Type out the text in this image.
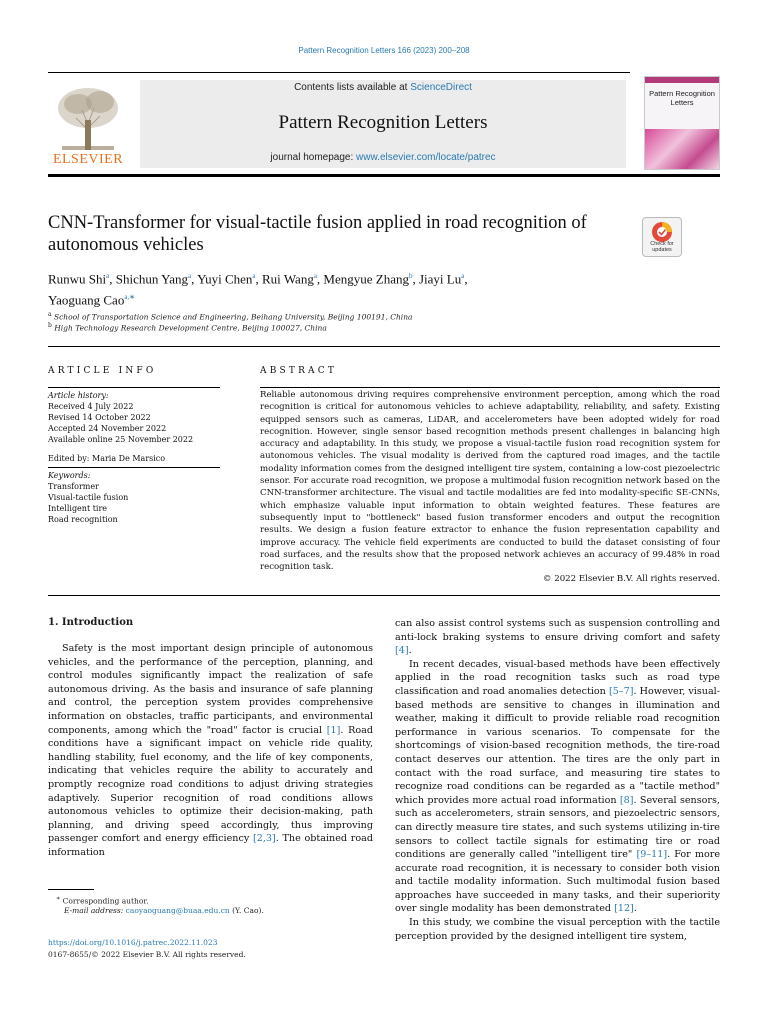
Pattern Recognition Letters 166 (2023) 200–208
ELSEVIER
Contents lists available at ScienceDirect
Pattern Recognition Letters
journal homepage: www.elsevier.com/locate/patrec
Pattern Recognition Letters
CNN-Transformer for visual-tactile fusion applied in road recognition of autonomous vehicles	Check for updates
Runwu Shi$^a$, Shichun Yang$^a$, Yuyi Chen$^a$, Rui Wang$^a$, Mengyue Zhang$^b$, Jiayi Lu$^a$,
Yaoguang Cao$^{a,∗}$
$^a$ School of Transportation Science and Engineering, Beihang University, Beijing 100191, China
$^b$ High Technology Research Development Centre, Beijing 100027, China
ARTICLE INFO	ABSTRACT
Article history:
Received 4 July 2022
Revised 14 October 2022
Accepted 24 November 2022
Available online 25 November 2022
Edited by: Maria De Marsico
Keywords:
Transformer
Visual-tactile fusion
Intelligent tire
Road recognition
Reliable autonomous driving requires comprehensive environment perception, among which the road recognition is critical for autonomous vehicles to achieve adaptability, reliability, and safety. Existing equipped sensors such as cameras, LiDAR, and accelerometers have been adopted widely for road recognition. However, single sensor based recognition methods present challenges in balancing high accuracy and adaptability. In this study, we propose a visual-tactile fusion road recognition system for autonomous vehicles. The visual modality is derived from the captured road images, and the tactile modality information comes from the designed intelligent tire system, containing a low-cost piezoelectric sensor. For accurate road recognition, we propose a multimodal fusion recognition network based on the CNN-transformer architecture. The visual and tactile modalities are fed into modality-specific SE-CNNs, which emphasize valuable input information to obtain weighted features. These features are subsequently input to "bottleneck" based fusion transformer encoders and output the recognition results. We design a fusion feature extractor to enhance the fusion representation capability and improve accuracy. The vehicle field experiments are conducted to build the dataset consisting of four road surfaces, and the results show that the proposed network achieves an accuracy of 99.48% in road recognition task.
© 2022 Elsevier B.V. All rights reserved.
1. Introduction

Safety is the most important design principle of autonomous vehicles, and the performance of the perception, planning, and control modules significantly impact the realization of safe autonomous driving. As the basis and insurance of safe planning and control, the perception system provides comprehensive information on obstacles, traffic participants, and environmental components, among which the "road" factor is crucial [1]. Road conditions have a significant impact on vehicle ride quality, handling stability, fuel economy, and the life of key components, indicating that vehicles require the ability to accurately and promptly recognize road conditions to adjust driving strategies adaptively. Superior recognition of road conditions allows autonomous vehicles to optimize their decision-making, path planning, and driving speed accordingly, thus improving passenger comfort and energy efficiency [2,3]. The obtained road information

can also assist control systems such as suspension controlling and anti-lock braking systems to ensure driving comfort and safety [4].

In recent decades, visual-based methods have been effectively applied in the road recognition tasks such as road type classification and road anomalies detection [5–7]. However, visual-based methods are sensitive to changes in illumination and weather, making it difficult to provide reliable road recognition performance in various scenarios. To compensate for the shortcomings of vision-based recognition methods, the tire-road contact deserves our attention. The tires are the only part in contact with the road surface, and measuring tire states to recognize road conditions can be regarded as a "tactile method" which provides more actual road information [8]. Several sensors, such as accelerometers, strain sensors, and piezoelectric sensors, can directly measure tire states, and such systems utilizing in-tire sensors to collect tactile signals for estimating tire or road conditions are generally called "intelligent tire" [9–11]. For more accurate road recognition, it is necessary to consider both vision and tactile modality information. Such multimodal fusion based approaches have succeeded in many tasks, and their superiority over single modality has been demonstrated [12].

In this study, we combine the visual perception with the tactile perception provided by the designed intelligent tire system,

∗ Corresponding author.
E-mail address: caoyaoguang@buaa.edu.cn (Y. Cao).
https://doi.org/10.1016/j.patrec.2022.11.023
0167-8655/© 2022 Elsevier B.V. All rights reserved.
